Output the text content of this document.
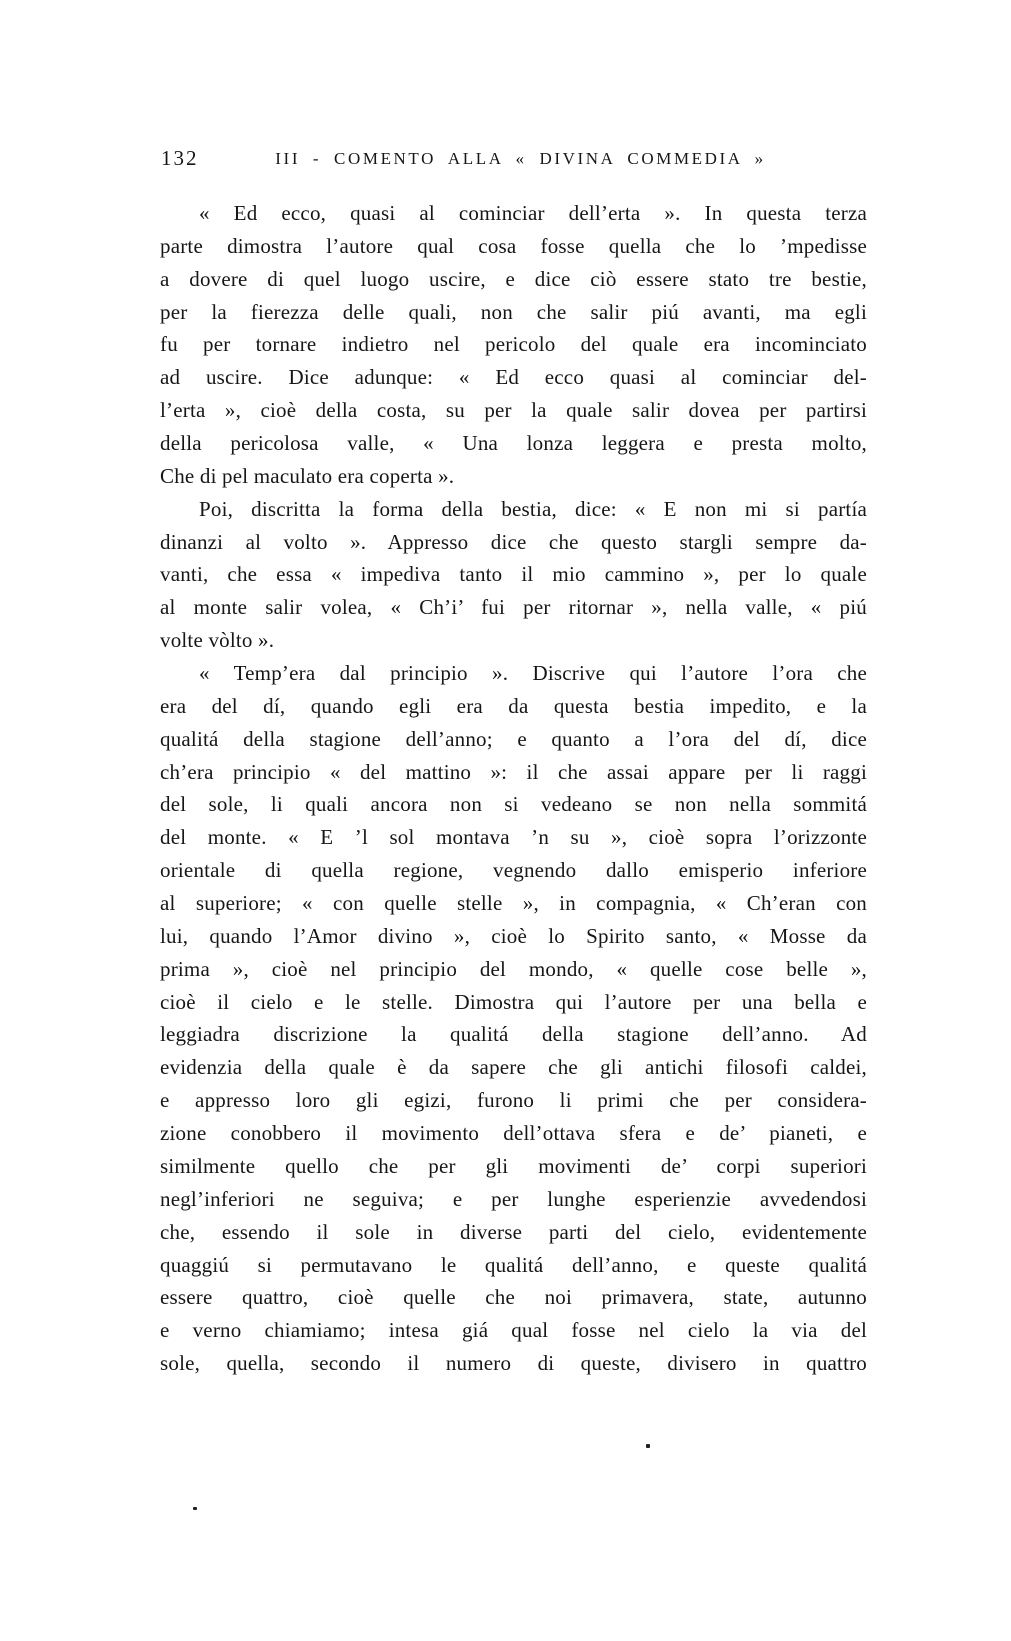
132	III - COMENTO ALLA « DIVINA COMMEDIA »
« Ed ecco, quasi al cominciar dell’erta ». In questa terza
parte dimostra l’autore qual cosa fosse quella che lo ’mpedisse
a dovere di quel luogo uscire, e dice ciò essere stato tre bestie,
per la fierezza delle quali, non che salir piú avanti, ma egli
fu per tornare indietro nel pericolo del quale era incominciato
ad uscire. Dice adunque: « Ed ecco quasi al cominciar del-
l’erta », cioè della costa, su per la quale salir dovea per partirsi
della pericolosa valle, « Una lonza leggera e presta molto,
Che di pel maculato era coperta ».
Poi, discritta la forma della bestia, dice: « E non mi si partía
dinanzi al volto ». Appresso dice che questo stargli sempre da-
vanti, che essa « impediva tanto il mio cammino », per lo quale
al monte salir volea, « Ch’i’ fui per ritornar », nella valle, « piú
volte vòlto ».
« Temp’era dal principio ». Discrive qui l’autore l’ora che
era del dí, quando egli era da questa bestia impedito, e la
qualitá della stagione dell’anno; e quanto a l’ora del dí, dice
ch’era principio « del mattino »: il che assai appare per li raggi
del sole, li quali ancora non si vedeano se non nella sommitá
del monte. « E ’l sol montava ’n su », cioè sopra l’orizzonte
orientale di quella regione, vegnendo dallo emisperio inferiore
al superiore; « con quelle stelle », in compagnia, « Ch’eran con
lui, quando l’Amor divino », cioè lo Spirito santo, « Mosse da
prima », cioè nel principio del mondo, « quelle cose belle »,
cioè il cielo e le stelle. Dimostra qui l’autore per una bella e
leggiadra discrizione la qualitá della stagione dell’anno. Ad
evidenzia della quale è da sapere che gli antichi filosofi caldei,
e appresso loro gli egizi, furono li primi che per considera-
zione conobbero il movimento dell’ottava sfera e de’ pianeti, e
similmente quello che per gli movimenti de’ corpi superiori
negl’inferiori ne seguiva; e per lunghe esperienzie avvedendosi
che, essendo il sole in diverse parti del cielo, evidentemente
quaggiú si permutavano le qualitá dell’anno, e queste qualitá
essere quattro, cioè quelle che noi primavera, state, autunno
e verno chiamiamo; intesa giá qual fosse nel cielo la via del
sole, quella, secondo il numero di queste, divisero in quattro
